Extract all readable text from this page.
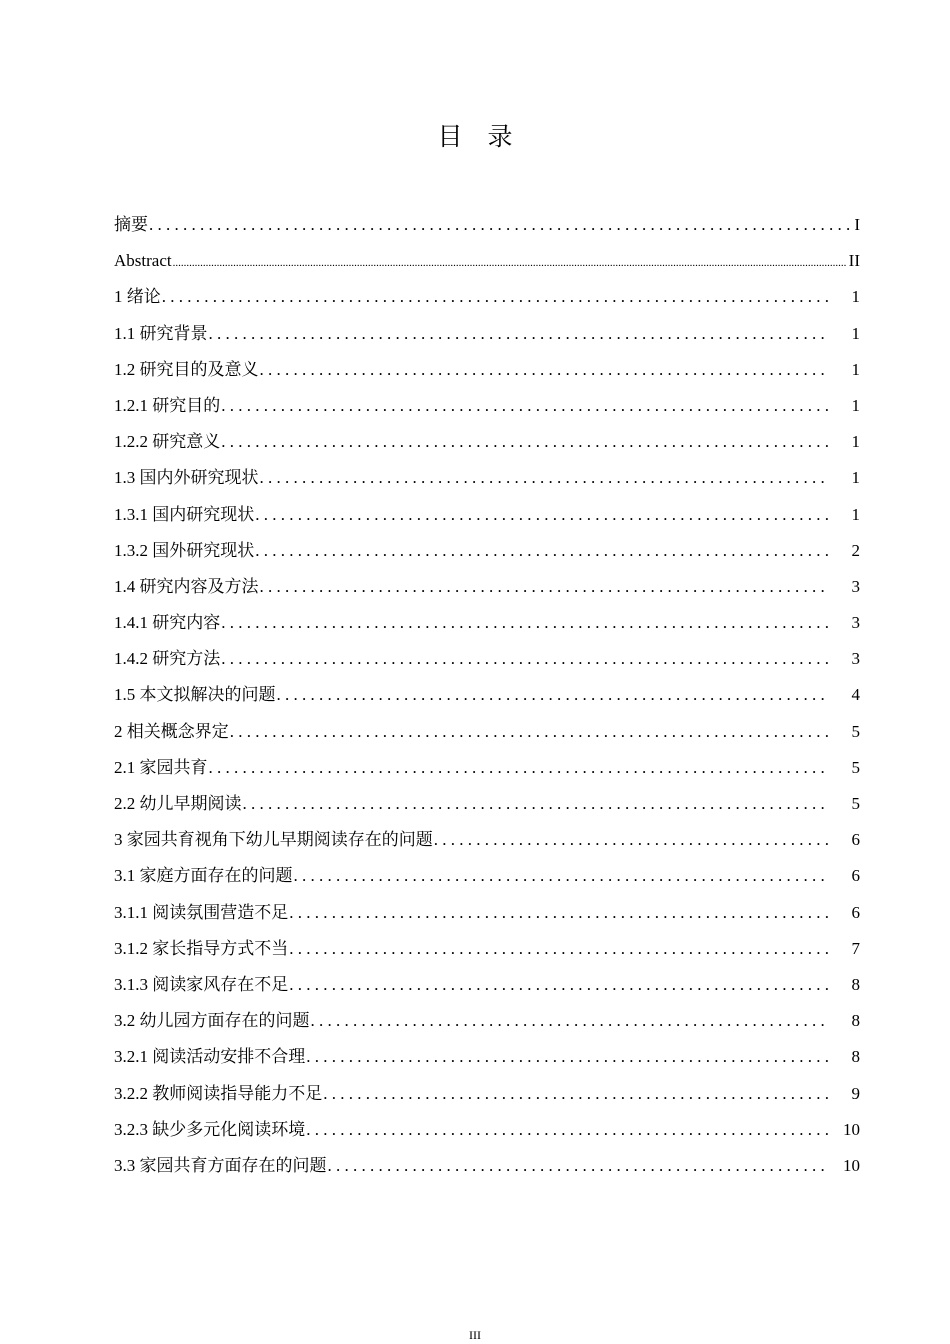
目　录
摘要 . . .	I
Abstract .....	II
1 绪论 . . .	1
1.1 研究背景 . . .	1
1.2 研究目的及意义 . . .	1
1.2.1 研究目的 . . .	1
1.2.2 研究意义 . . .	1
1.3 国内外研究现状 . . .	1
1.3.1 国内研究现状 . . .	1
1.3.2 国外研究现状 . . .	2
1.4 研究内容及方法 . . .	3
1.4.1 研究内容 . . .	3
1.4.2 研究方法 . . .	3
1.5 本文拟解决的问题 . . .	4
2 相关概念界定 . . .	5
2.1 家园共育 . . .	5
2.2 幼儿早期阅读 . . .	5
3 家园共育视角下幼儿早期阅读存在的问题 . . .	6
3.1 家庭方面存在的问题 . . .	6
3.1.1 阅读氛围营造不足 . . .	6
3.1.2 家长指导方式不当 . . .	7
3.1.3 阅读家风存在不足 . . .	8
3.2 幼儿园方面存在的问题 . . .	8
3.2.1 阅读活动安排不合理 . . .	8
3.2.2 教师阅读指导能力不足 . . .	9
3.2.3 缺少多元化阅读环境 . . .	10
3.3 家园共育方面存在的问题 . . .	10
III
